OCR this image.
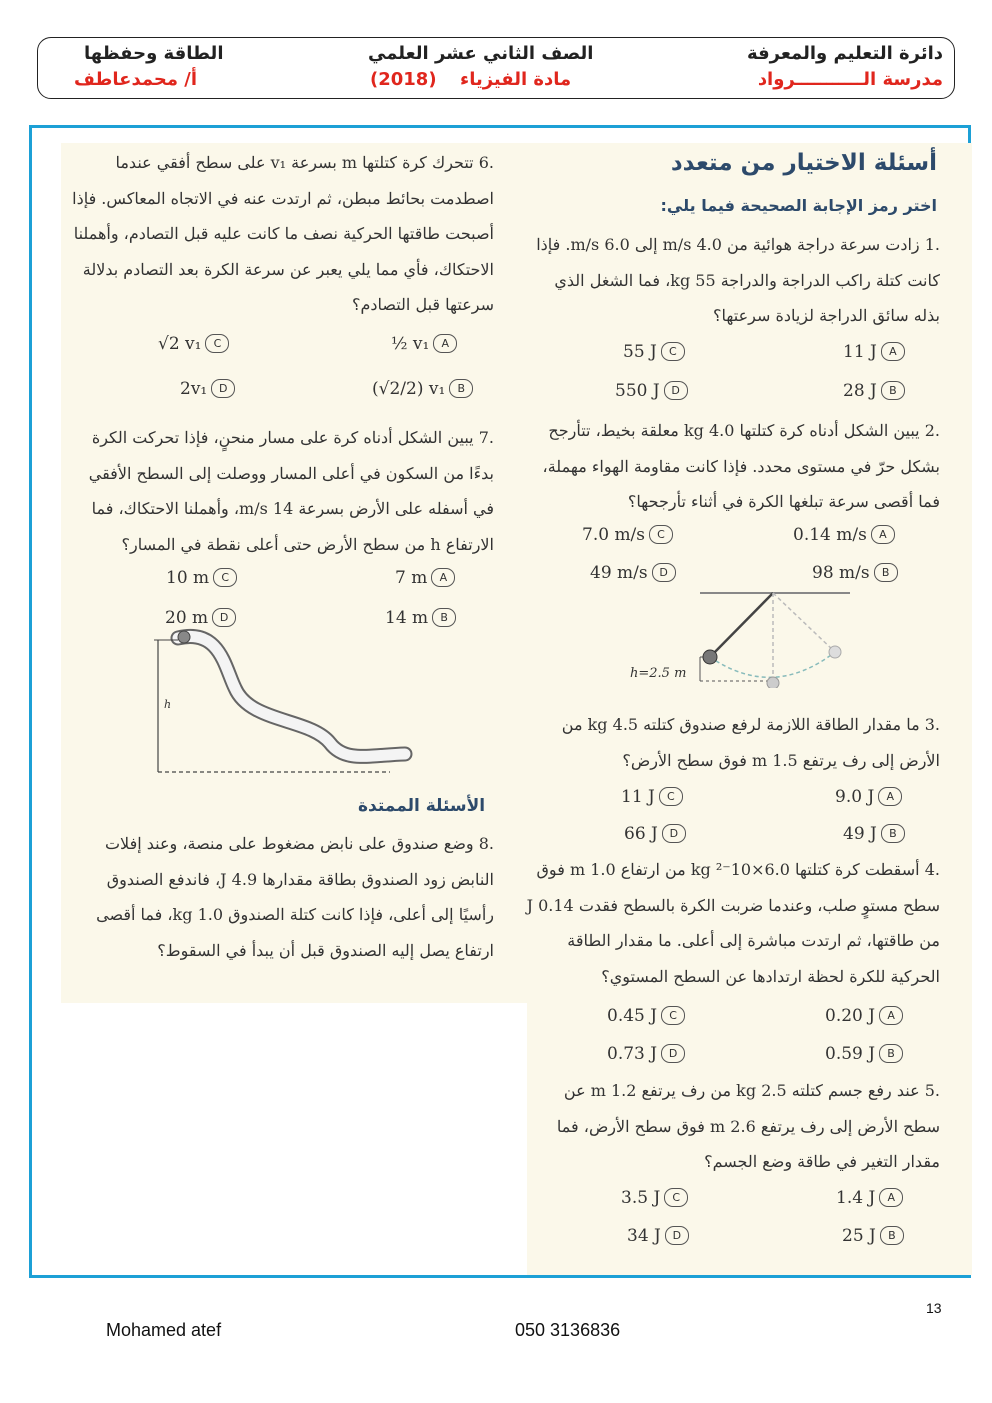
دائرة التعليم والمعرفة
مدرسة الـــــــــــرواد
الصف الثاني عشر العلمي
مادة الفيزياء
(2018)
الطاقة وحفظها
أ/ محمدعاطف
أسئلة الاختيار من متعدد
اختر رمز الإجابة الصحيحة فيما يلي:
.1 زادت سرعة دراجة هوائية من 4.0 m/s إلى 6.0 m/s. فإذا كانت كتلة راكب الدراجة والدراجة 55 kg، فما الشغل الذي بذله سائق الدراجة لزيادة سرعتها؟
11 J A
28 J B
55 J C
550 J D
.2 يبين الشكل أدناه كرة كتلتها 4.0 kg معلقة بخيط، تتأرجح بشكل حرّ في مستوى محدد. فإذا كانت مقاومة الهواء مهملة، فما أقصى سرعة تبلغها الكرة في أثناء تأرجحها؟
0.14 m/s A
98 m/s B
7.0 m/s C
49 m/s D
h=2.5 m
.3 ما مقدار الطاقة اللازمة لرفع صندوق كتلته 4.5 kg من الأرض إلى رف يرتفع 1.5 m فوق سطح الأرض؟
9.0 J A
49 J B
11 J C
66 J D
.4 أسقطت كرة كتلتها 6.0×10⁻² kg من ارتفاع 1.0 m فوق سطح مستوٍ صلب، وعندما ضربت الكرة بالسطح فقدت 0.14 J من طاقتها، ثم ارتدت مباشرة إلى أعلى. ما مقدار الطاقة الحركية للكرة لحظة ارتدادها عن السطح المستوي؟
0.20 J A
0.59 J B
0.45 J C
0.73 J D
.5 عند رفع جسم كتلته 2.5 kg من رف يرتفع 1.2 m عن سطح الأرض إلى رف يرتفع 2.6 m فوق سطح الأرض، فما مقدار التغير في طاقة وضع الجسم؟
1.4 J A
25 J B
3.5 J C
34 J D
.6 تتحرك كرة كتلتها m بسرعة v₁ على سطح أفقي عندما اصطدمت بحائط مبطن، ثم ارتدت عنه في الاتجاه المعاكس. فإذا أصبحت طاقتها الحركية نصف ما كانت عليه قبل التصادم، وأهملنا الاحتكاك، فأي مما يلي يعبر عن سرعة الكرة بعد التصادم بدلالة سرعتها قبل التصادم؟
½ v₁ A
(√2/2) v₁ B
√2 v₁ C
2v₁ D
.7 يبين الشكل أدناه كرة على مسار منحنٍ، فإذا تحركت الكرة بدءًا من السكون في أعلى المسار ووصلت إلى السطح الأفقي في أسفله على الأرض بسرعة 14 m/s، وأهملنا الاحتكاك، فما الارتفاع h من سطح الأرض حتى أعلى نقطة في المسار؟
7 m A
14 m B
10 m C
20 m D
h
الأسئلة الممتدة
.8 وضع صندوق على نابض مضغوط على منصة، وعند إفلات النابض زود الصندوق بطاقة مقدارها 4.9 J، فاندفع الصندوق رأسيًا إلى أعلى، فإذا كانت كتلة الصندوق 1.0 kg، فما أقصى ارتفاع يصل إليه الصندوق قبل أن يبدأ في السقوط؟
13
Mohamed atef	050 3136836
